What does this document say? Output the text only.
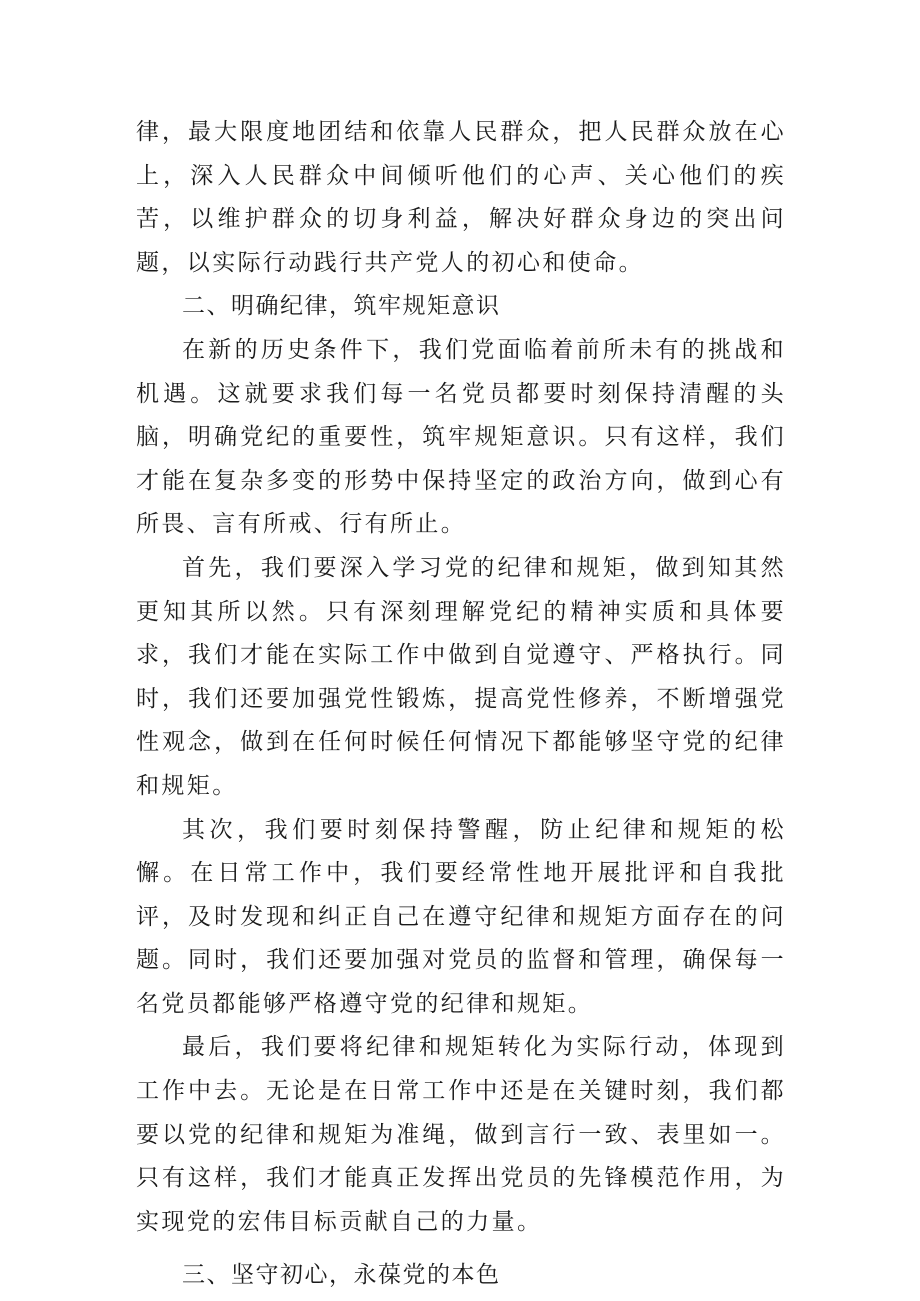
律，最大限度地团结和依靠人民群众，把人民群众放在心上，深入人民群众中间倾听他们的心声、关心他们的疾苦，以维护群众的切身利益，解决好群众身边的突出问题，以实际行动践行共产党人的初心和使命。

二、明确纪律，筑牢规矩意识

在新的历史条件下，我们党面临着前所未有的挑战和机遇。这就要求我们每一名党员都要时刻保持清醒的头脑，明确党纪的重要性，筑牢规矩意识。只有这样，我们才能在复杂多变的形势中保持坚定的政治方向，做到心有所畏、言有所戒、行有所止。

首先，我们要深入学习党的纪律和规矩，做到知其然更知其所以然。只有深刻理解党纪的精神实质和具体要求，我们才能在实际工作中做到自觉遵守、严格执行。同时，我们还要加强党性锻炼，提高党性修养，不断增强党性观念，做到在任何时候任何情况下都能够坚守党的纪律和规矩。

其次，我们要时刻保持警醒，防止纪律和规矩的松懈。在日常工作中，我们要经常性地开展批评和自我批评，及时发现和纠正自己在遵守纪律和规矩方面存在的问题。同时，我们还要加强对党员的监督和管理，确保每一名党员都能够严格遵守党的纪律和规矩。

最后，我们要将纪律和规矩转化为实际行动，体现到工作中去。无论是在日常工作中还是在关键时刻，我们都要以党的纪律和规矩为准绳，做到言行一致、表里如一。只有这样，我们才能真正发挥出党员的先锋模范作用，为实现党的宏伟目标贡献自己的力量。

三、坚守初心，永葆党的本色
